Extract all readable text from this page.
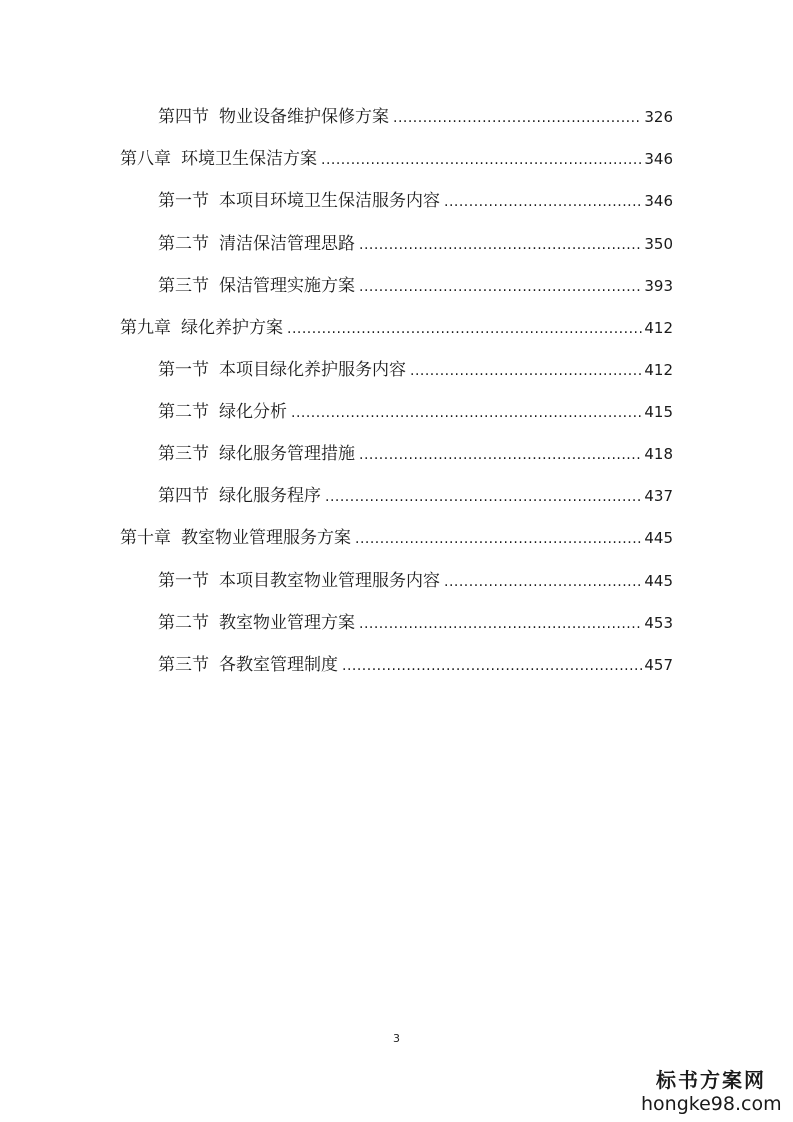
第四节 物业设备维护保修方案 .....	326
第八章 环境卫生保洁方案 .....	346
第一节 本项目环境卫生保洁服务内容 .....	346
第二节 清洁保洁管理思路 .....	350
第三节 保洁管理实施方案 .....	393
第九章 绿化养护方案 .....	412
第一节 本项目绿化养护服务内容 .....	412
第二节 绿化分析 .....	415
第三节 绿化服务管理措施 .....	418
第四节 绿化服务程序 .....	437
第十章 教室物业管理服务方案 .....	445
第一节 本项目教室物业管理服务内容 .....	445
第二节 教室物业管理方案 .....	453
第三节 各教室管理制度 .....	457
3
标书方案网
hongke98.com
